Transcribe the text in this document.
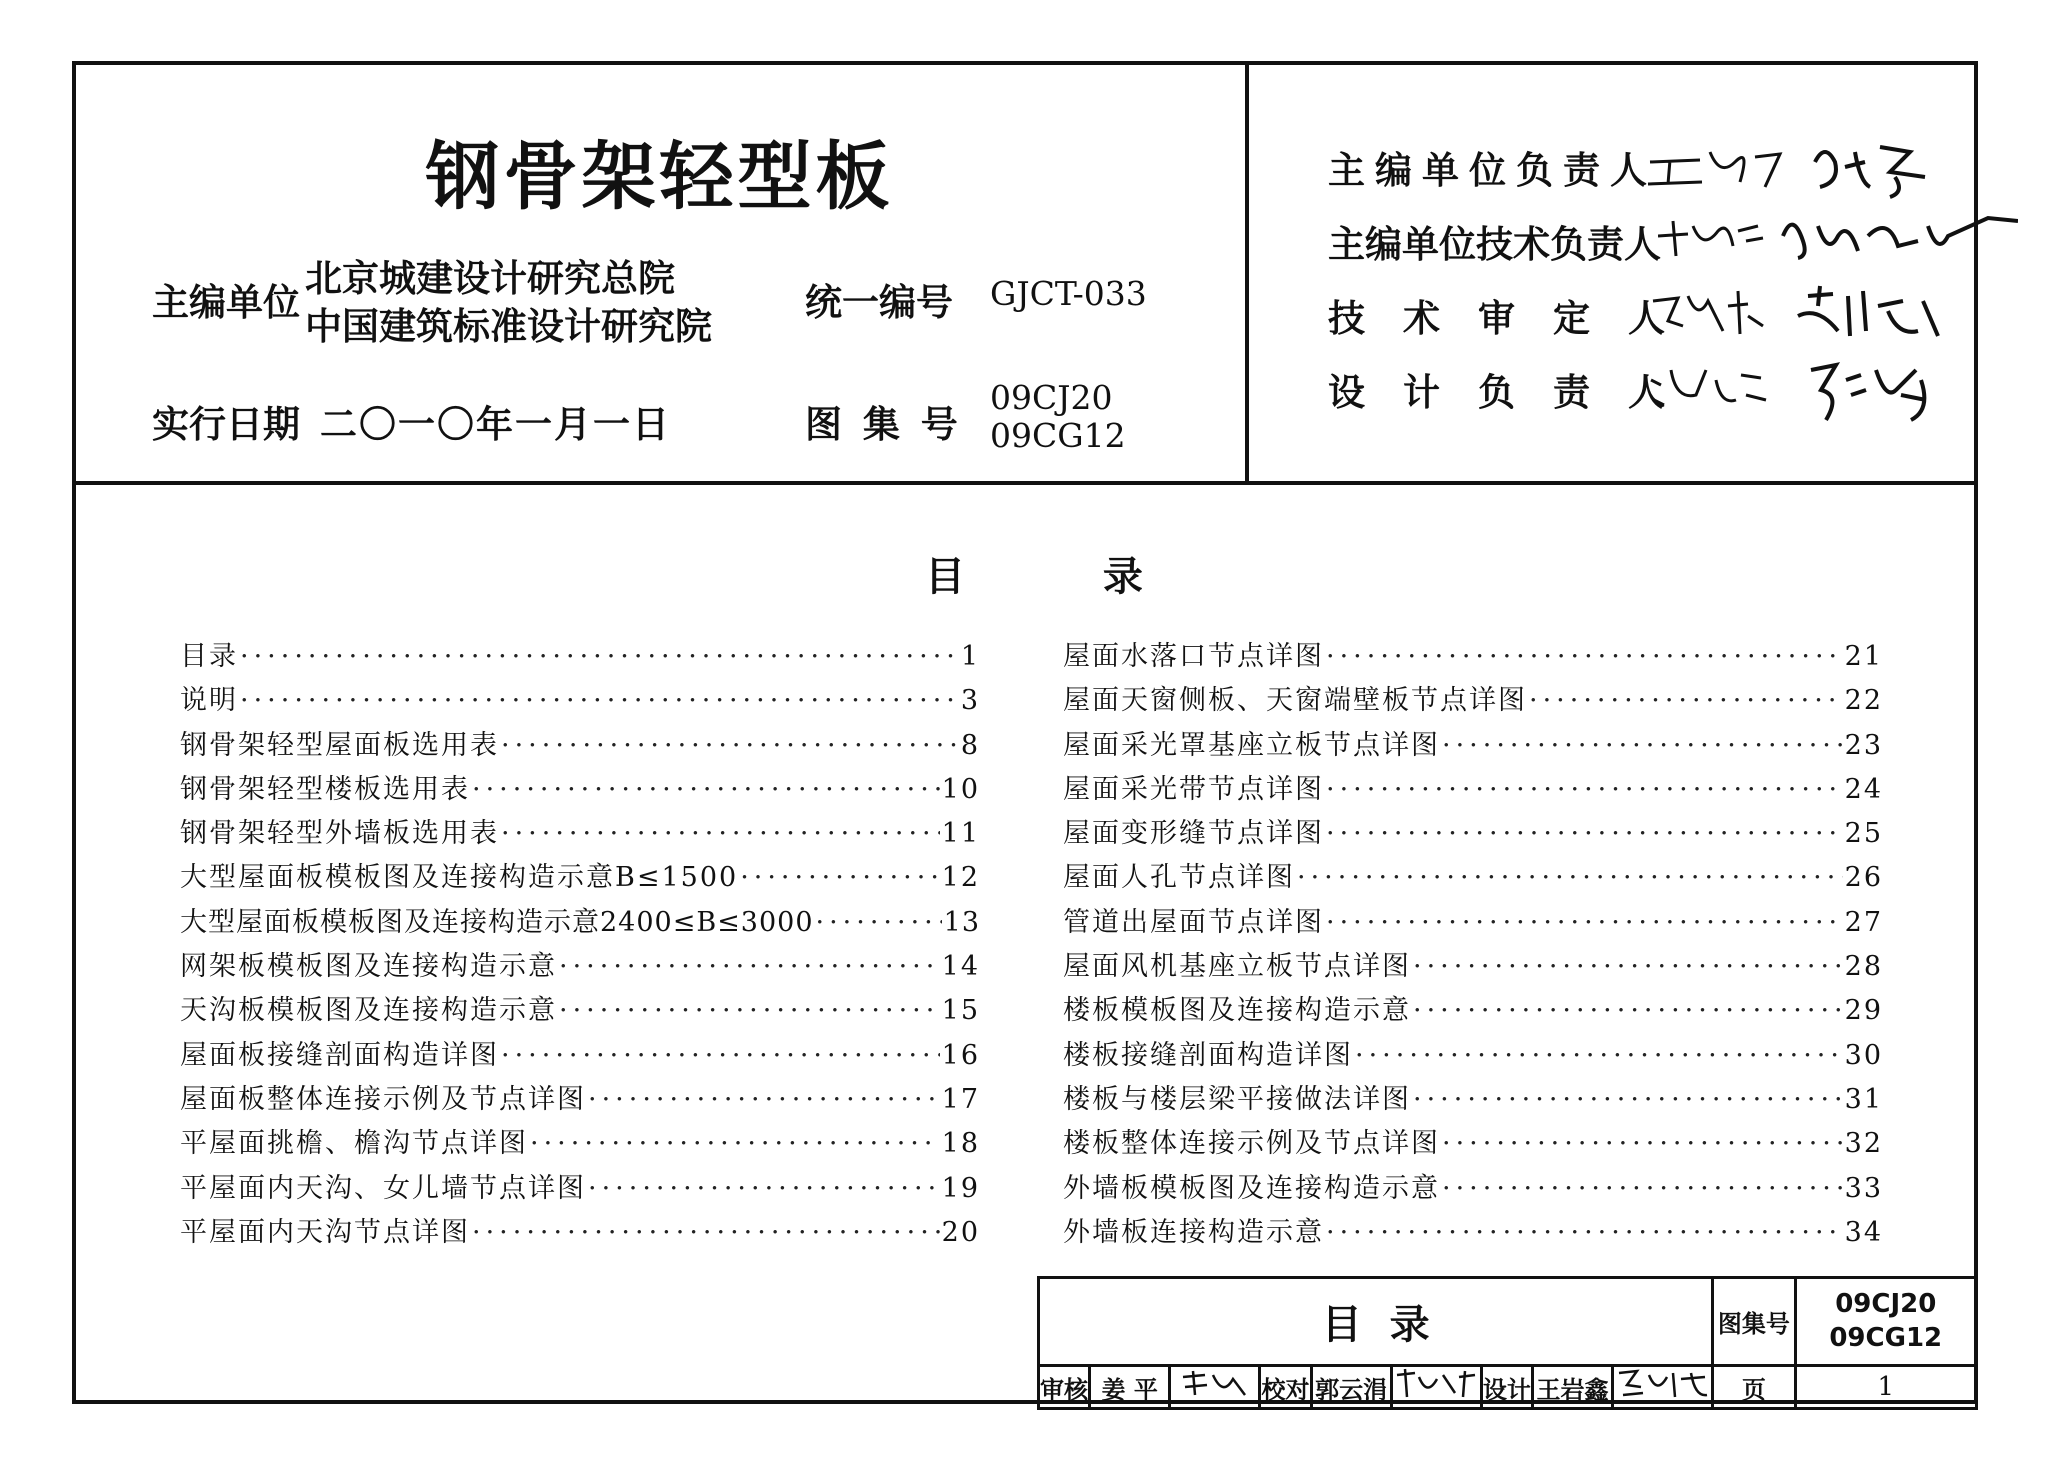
钢骨架轻型板
主编单位
北京城建设计研究总院
中国建筑标准设计研究院
统一编号 GJCT-033
实行日期 二〇一〇年一月一日	图 集 号
09CJ20
09CG12
主编单位负责人
主编单位技术负责人
技术审定人
设计负责人
目	录
目录 ·····	1
说明 ·····	3
钢骨架轻型屋面板选用表 ·····	8
钢骨架轻型楼板选用表 ·····	10
钢骨架轻型外墙板选用表 ·····	11
大型屋面板模板图及连接构造示意B≤1500 ·····	12
大型屋面板模板图及连接构造示意2400≤B≤3000 ·····	13
网架板模板图及连接构造示意 ·····	14
天沟板模板图及连接构造示意 ·····	15
屋面板接缝剖面构造详图 ·····	16
屋面板整体连接示例及节点详图 ·····	17
平屋面挑檐、檐沟节点详图 ·····	18
平屋面内天沟、女儿墙节点详图 ·····	19
平屋面内天沟节点详图 ·····	20
屋面水落口节点详图 ·····	21
屋面天窗侧板、天窗端壁板节点详图 ·····	22
屋面采光罩基座立板节点详图 ·····	23
屋面采光带节点详图 ·····	24
屋面变形缝节点详图 ·····	25
屋面人孔节点详图 ·····	26
管道出屋面节点详图 ·····	27
屋面风机基座立板节点详图 ·····	28
楼板模板图及连接构造示意 ·····	29
楼板接缝剖面构造详图 ·····	30
楼板与楼层梁平接做法详图 ·····	31
楼板整体连接示例及节点详图 ·····	32
外墙板模板图及连接构造示意 ·····	33
外墙板连接构造示意 ·····	34
目  录									图集号	09CJ20
09CG12

审核	姜 平		校对	郭云涓		设计	王岩鑫		页	1
